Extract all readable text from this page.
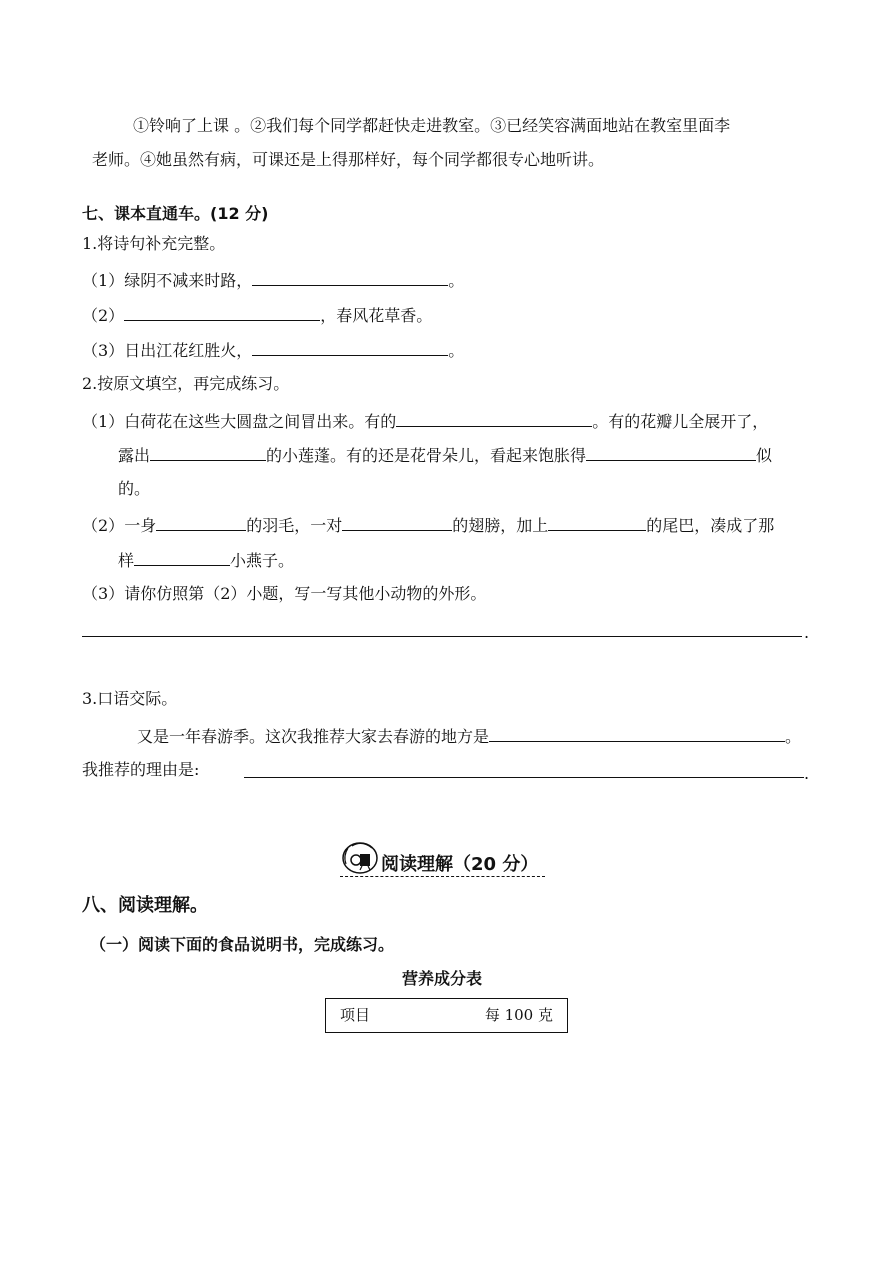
①铃响了上课 。②我们每个同学都赶快走进教室。③已经笑容满面地站在教室里面李
老师。④她虽然有病，可课还是上得那样好，每个同学都很专心地听讲。
七、课本直通车。(12 分)
1.将诗句补充完整。
（1）绿阴不减来时路，	。
（2）	，春风花草香。
（3）日出江花红胜火，	。
2.按原文填空，再完成练习。
（1）白荷花在这些大圆盘之间冒出来。有的	。有的花瓣儿全展开了，
露出	的小莲蓬。有的还是花骨朵儿，看起来饱胀得	似
的。
（2）一身	的羽毛，一对	的翅膀，加上	的尾巴，凑成了那
样	小燕子。
（3）请你仿照第（2）小题，写一写其他小动物的外形。
.
3.口语交际。
又是一年春游季。这次我推荐大家去春游的地方是	。
我推荐的理由是:	.
阅读理解（20 分）
八、阅读理解。
（一）阅读下面的食品说明书，完成练习。
营养成分表
项目	每 100 克
